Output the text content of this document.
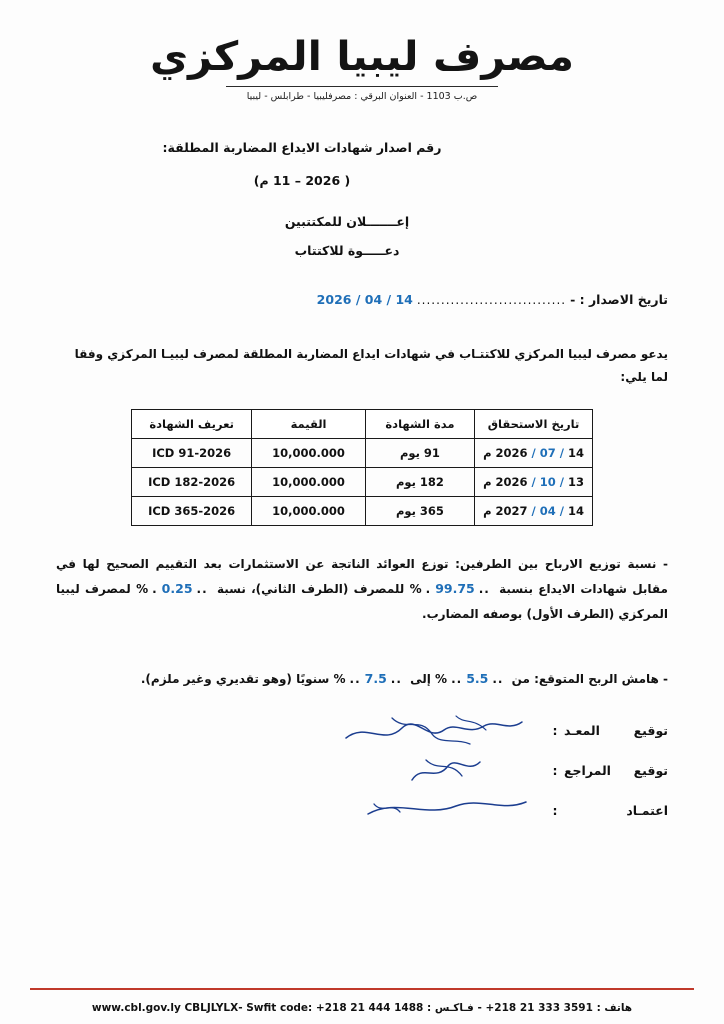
مصرف ليبيا المركزي
ص.ب 1103 - العنوان البرقي : مصرفليبيا - طرابلس - ليبيا

رقم اصدار شهادات الايداع المضاربة المطلقة:

( 2026 – 11 م)

إعـــــــلان للمكتتبين

دعـــــوة للاكتتاب

تاريخ الاصدار : -
...............................
14 / 04 / 2026

يدعو مصرف ليبيا المركزي للاكتتـاب في شهادات ايداع المضاربة المطلقة لمصرف ليبيـا المركزي وفقا لما يلي:

تاريخ الاستحقاق	مدة الشهادة	القيمة	تعريف الشهادة
14 / 07 / 2026 م	91 يوم	10,000.000	ICD 91-2026
13 / 10 / 2026 م	182 يوم	10,000.000	ICD 182-2026
14 / 04 / 2027 م	365 يوم	10,000.000	ICD 365-2026

- نسبة توزيع الارباح بين الطرفين: توزع العوائد الناتجة عن الاستثمارات بعد التقييم الصحيح لها في مقابل شهادات الايداع بنسبة ..99.75.% للمصرف (الطرف الثاني)، نسبة ..0.25.% لمصرف ليبيا المركزي (الطرف الأول) بوصفه المضارب.

- هامش الربح المتوقع: من ..5.5..% إلى ..7.5..% سنويًا (وهو تقديري وغير ملزم).

توقيع المعـد
:
توقيع المراجع
:
اعتمـاد
:
هاتف : +218 21 333 3591 - فـاكـس : +218 21 444 1488 - Swfit code:CBLJLYLX www.cbl.gov.ly
